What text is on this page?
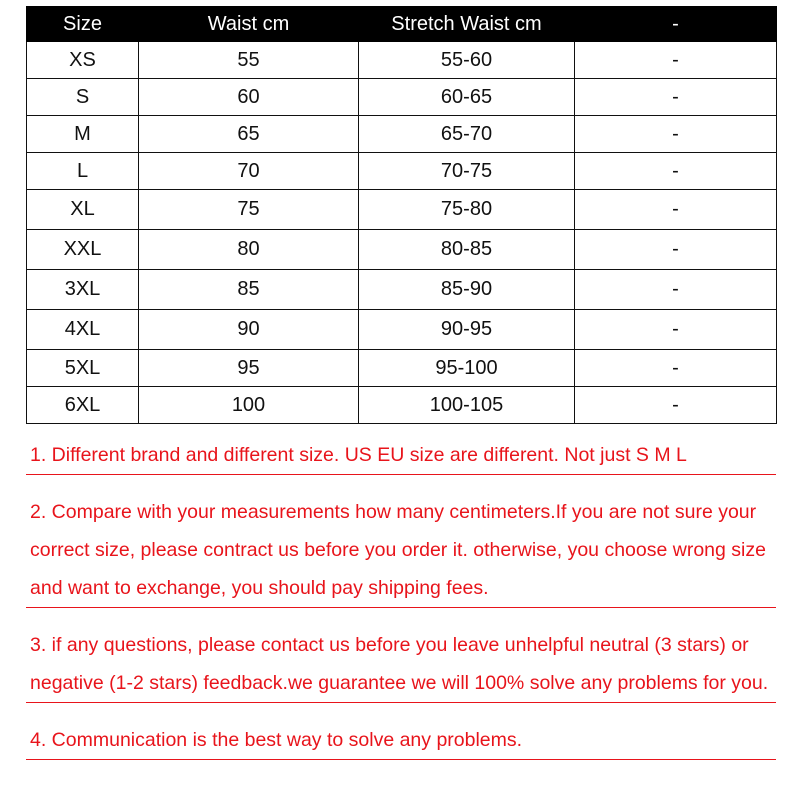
Size	Waist cm	Stretch Waist cm	-
XS	55	55-60	-
S	60	60-65	-
M	65	65-70	-
L	70	70-75	-
XL	75	75-80	-
XXL	80	80-85	-
3XL	85	85-90	-
4XL	90	90-95	-
5XL	95	95-100	-
6XL	100	100-105	-

1. Different brand and different size. US EU size are different. Not just S M L

2. Compare with your measurements how many centimeters.If you are not sure your correct size, please contract us before you order it. otherwise, you choose wrong size and want to exchange, you should pay shipping fees.

3. if any questions, please contact us before you leave unhelpful neutral (3 stars) or negative (1-2 stars) feedback.we guarantee we will 100% solve any problems for you.

4. Communication is the best way to solve any problems.
